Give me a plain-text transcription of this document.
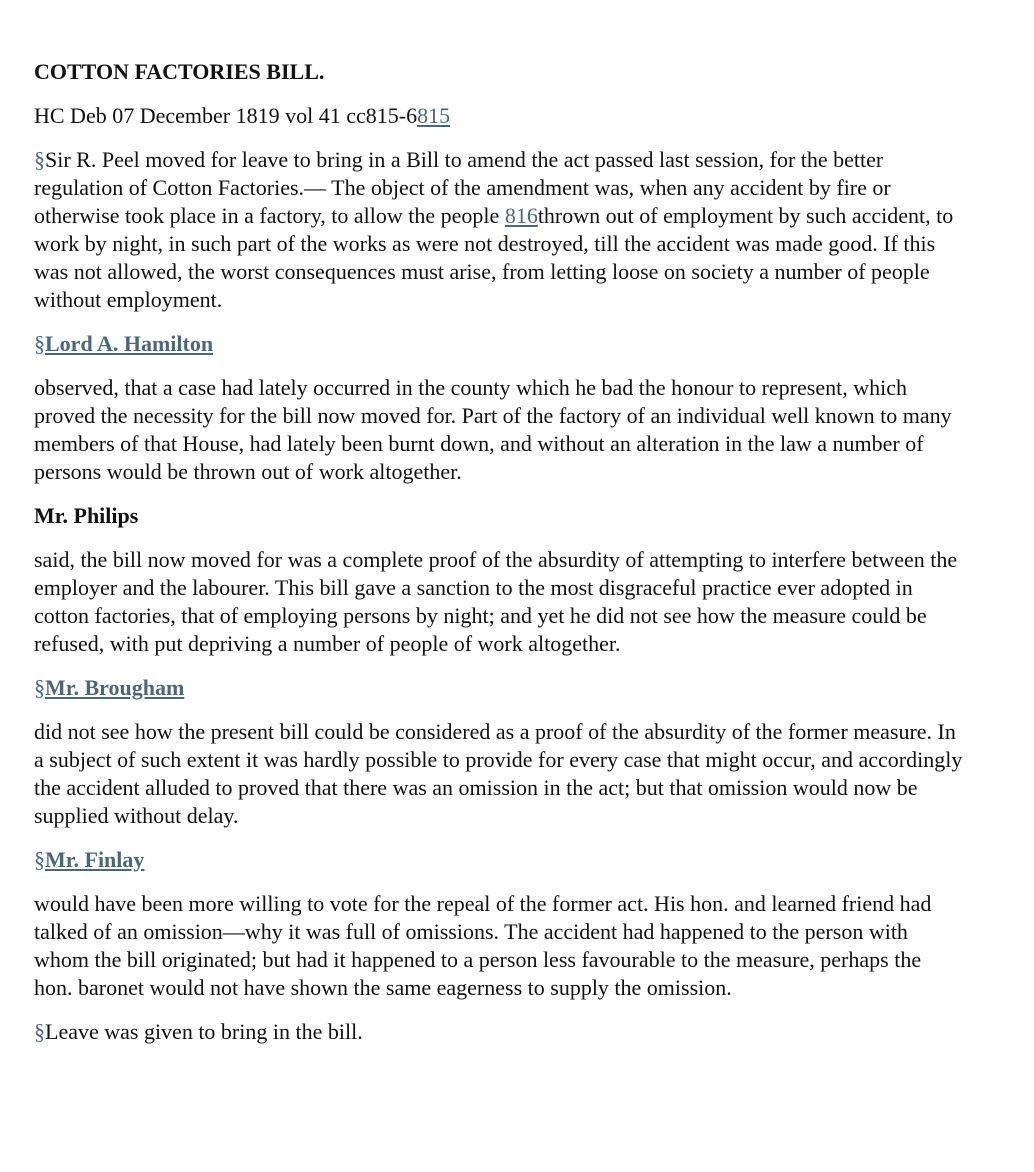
COTTON FACTORIES BILL.

HC Deb 07 December 1819 vol 41 cc815-6815

§Sir R. Peel moved for leave to bring in a Bill to amend the act passed last session, for the better regulation of Cotton Factories.— The object of the amendment was, when any accident by fire or otherwise took place in a factory, to allow the people 816thrown out of employment by such accident, to work by night, in such part of the works as were not destroyed, till the accident was made good. If this was not allowed, the worst consequences must arise, from letting loose on society a number of people without employment.

§Lord A. Hamilton

observed, that a case had lately occurred in the county which he bad the honour to represent, which proved the necessity for the bill now moved for. Part of the factory of an individual well known to many members of that House, had lately been burnt down, and without an alteration in the law a number of persons would be thrown out of work altogether.

Mr. Philips

said, the bill now moved for was a complete proof of the absurdity of attempting to interfere between the employer and the labourer. This bill gave a sanction to the most disgraceful practice ever adopted in cotton factories, that of employing persons by night; and yet he did not see how the measure could be refused, with put depriving a number of people of work altogether.

§Mr. Brougham

did not see how the present bill could be considered as a proof of the absurdity of the former measure. In a subject of such extent it was hardly possible to provide for every case that might occur, and accordingly the accident alluded to proved that there was an omission in the act; but that omission would now be supplied without delay.

§Mr. Finlay

would have been more willing to vote for the repeal of the former act. His hon. and learned friend had talked of an omission—why it was full of omissions. The accident had happened to the person with whom the bill originated; but had it happened to a person less favourable to the measure, perhaps the hon. baronet would not have shown the same eagerness to supply the omission.

§Leave was given to bring in the bill.
